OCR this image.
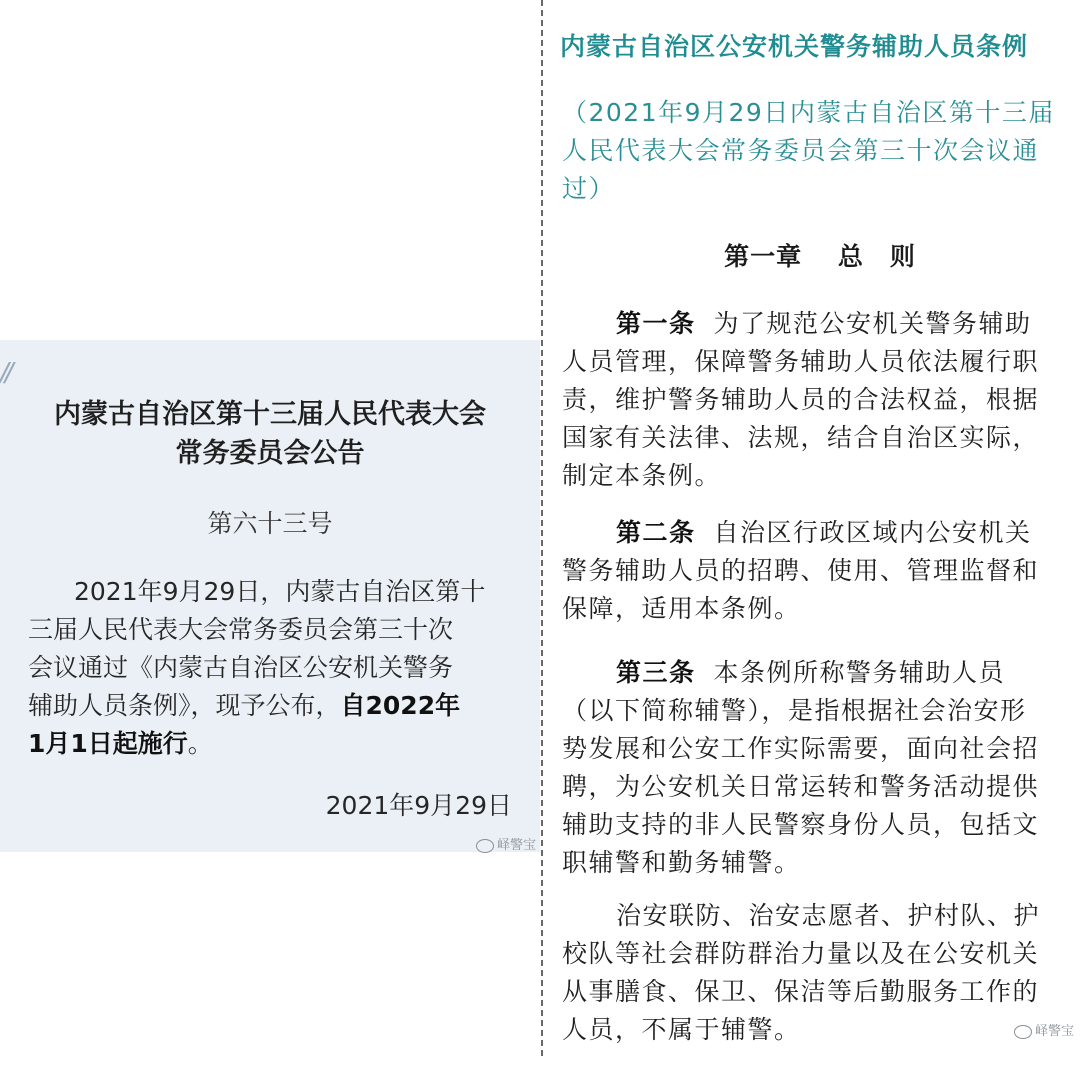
//
内蒙古自治区第十三届人民代表大会
常务委员会公告
第六十三号
2021年9月29日，内蒙古自治区第十
三届人民代表大会常务委员会第三十次
会议通过《内蒙古自治区公安机关警务
辅助人员条例》，现予公布，自2022年
1月1日起施行。
2021年9月29日
峄警宝
内蒙古自治区公安机关警务辅助人员条例
（2021年9月29日内蒙古自治区第十三届
人民代表大会常务委员会第三十次会议通
过）
第一章　 总　则
第一条 为了规范公安机关警务辅助
人员管理，保障警务辅助人员依法履行职
责，维护警务辅助人员的合法权益，根据
国家有关法律、法规，结合自治区实际，
制定本条例。
第二条 自治区行政区域内公安机关
警务辅助人员的招聘、使用、管理监督和
保障，适用本条例。
第三条 本条例所称警务辅助人员
（以下简称辅警），是指根据社会治安形
势发展和公安工作实际需要，面向社会招
聘，为公安机关日常运转和警务活动提供
辅助支持的非人民警察身份人员，包括文
职辅警和勤务辅警。
治安联防、治安志愿者、护村队、护
校队等社会群防群治力量以及在公安机关
从事膳食、保卫、保洁等后勤服务工作的
人员，不属于辅警。	峄警宝
